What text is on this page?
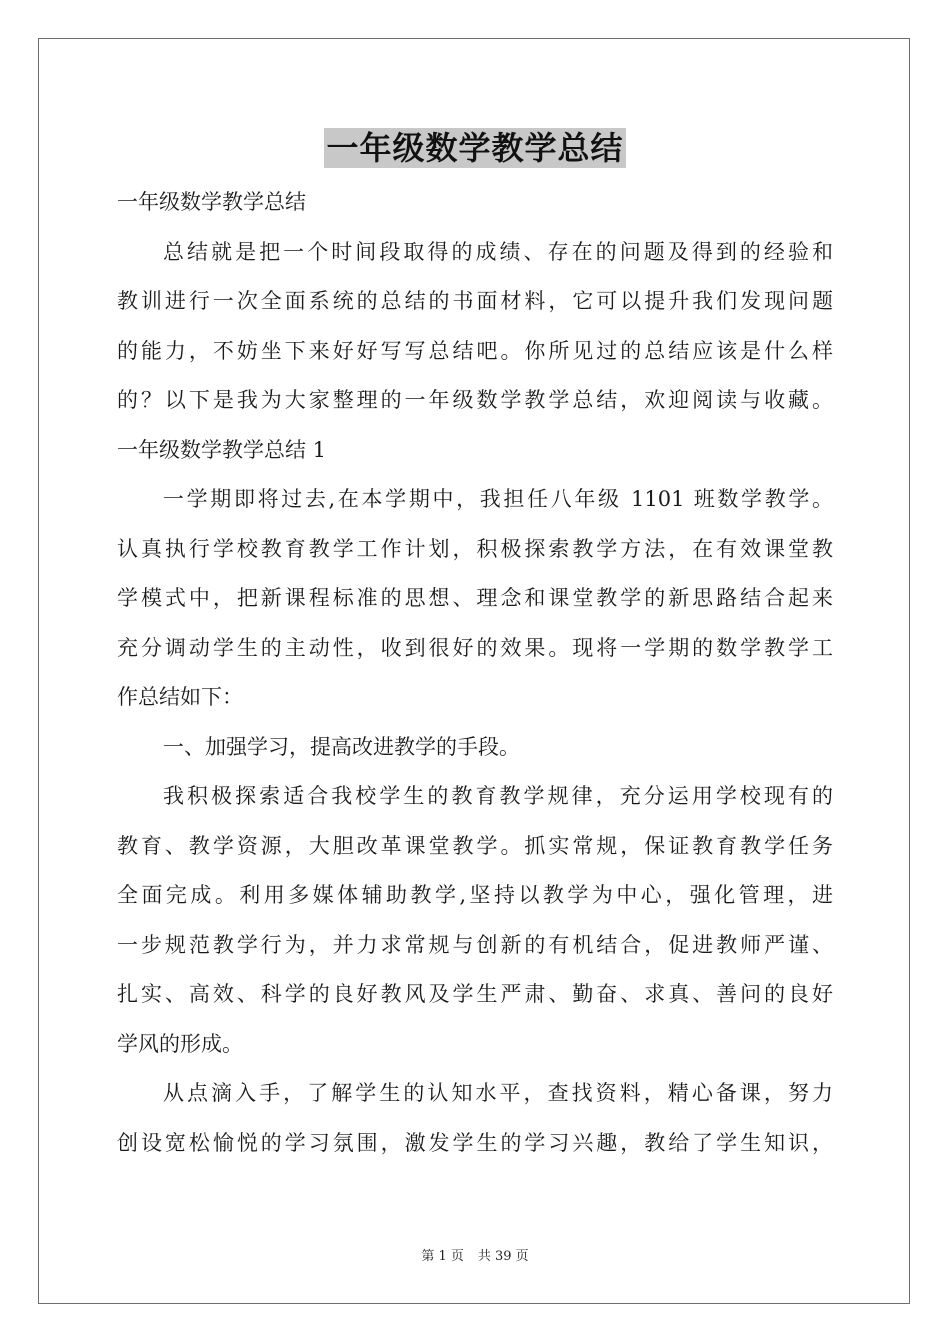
一年级数学教学总结
一年级数学教学总结
总结就是把一个时间段取得的成绩、存在的问题及得到的经验和
教训进行一次全面系统的总结的书面材料，它可以提升我们发现问题
的能力，不妨坐下来好好写写总结吧。你所见过的总结应该是什么样
的？以下是我为大家整理的一年级数学教学总结，欢迎阅读与收藏。
一年级数学教学总结 1
一学期即将过去,在本学期中，我担任八年级 1101 班数学教学。
认真执行学校教育教学工作计划，积极探索教学方法，在有效课堂教
学模式中，把新课程标准的思想、理念和课堂教学的新思路结合起来
充分调动学生的主动性，收到很好的效果。现将一学期的数学教学工
作总结如下：
一、加强学习，提高改进教学的手段。
我积极探索适合我校学生的教育教学规律，充分运用学校现有的
教育、教学资源，大胆改革课堂教学。抓实常规，保证教育教学任务
全面完成。利用多媒体辅助教学,坚持以教学为中心，强化管理，进
一步规范教学行为，并力求常规与创新的有机结合，促进教师严谨、
扎实、高效、科学的良好教风及学生严肃、勤奋、求真、善问的良好
学风的形成。
从点滴入手，了解学生的认知水平，查找资料，精心备课，努力
创设宽松愉悦的学习氛围，激发学生的学习兴趣，教给了学生知识，
第 1 页 共 39 页
